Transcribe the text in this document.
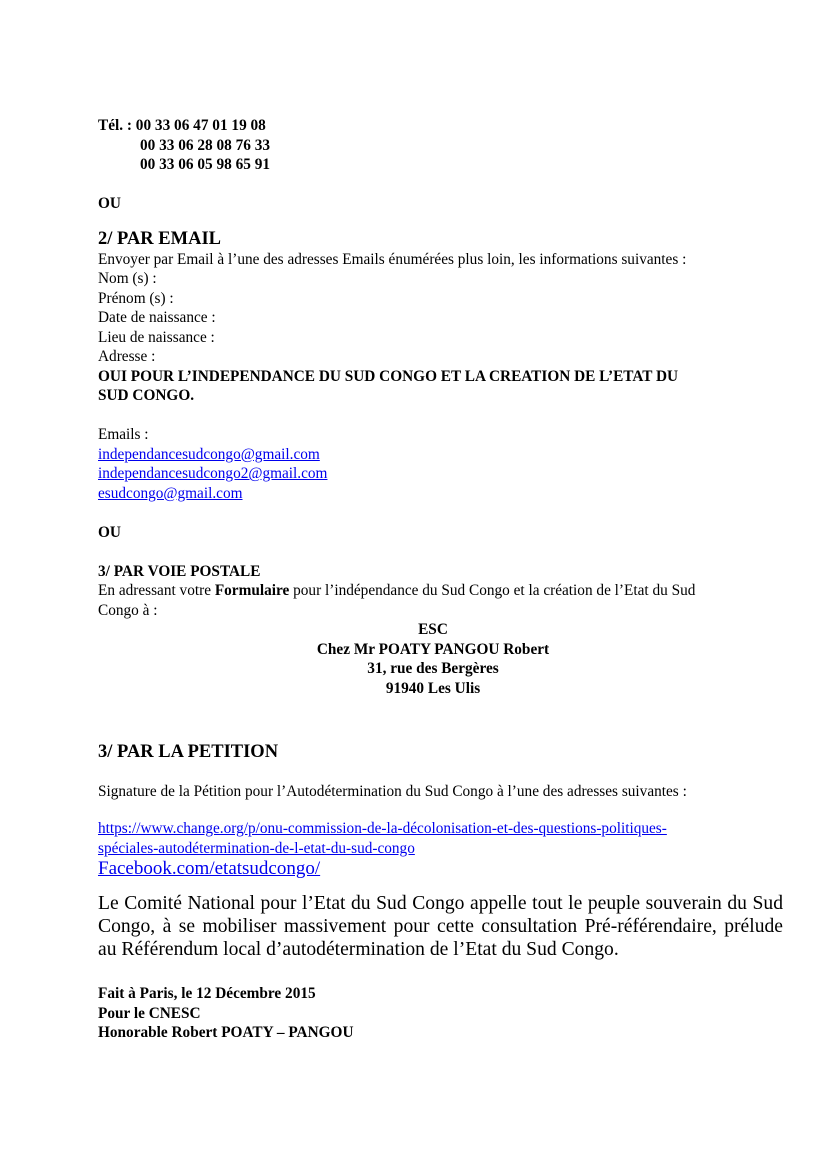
Tél. : 00 33 06 47 01 19 08
00 33 06 28 08 76 33
00 33 06 05 98 65 91
OU
2/ PAR EMAIL
Envoyer par Email à l’une des adresses Emails énumérées plus loin, les informations suivantes :
Nom (s) :
Prénom (s) :
Date de naissance :
Lieu de naissance :
Adresse :
OUI POUR L’INDEPENDANCE DU SUD CONGO ET LA CREATION DE L’ETAT DU
SUD CONGO.
Emails :
independancesudcongo@gmail.com
independancesudcongo2@gmail.com
esudcongo@gmail.com
OU
3/ PAR VOIE POSTALE
En adressant votre Formulaire pour l’indépendance du Sud Congo et la création de l’Etat du Sud
Congo à :
ESC
Chez Mr POATY PANGOU Robert
31, rue des Bergères
91940 Les Ulis
3/ PAR LA PETITION
Signature de la Pétition pour l’Autodétermination du Sud Congo à l’une des adresses suivantes :
https://www.change.org/p/onu-commission-de-la-décolonisation-et-des-questions-politiques-
spéciales-autodétermination-de-l-etat-du-sud-congo
Facebook.com/etatsudcongo/
Le Comité National pour l’Etat du Sud Congo appelle tout le peuple souverain du Sud Congo, à se mobiliser massivement pour cette consultation Pré-référendaire, prélude au Référendum local d’autodétermination de l’Etat du Sud Congo.
Fait à Paris, le 12 Décembre 2015
Pour le CNESC
Honorable Robert POATY – PANGOU
